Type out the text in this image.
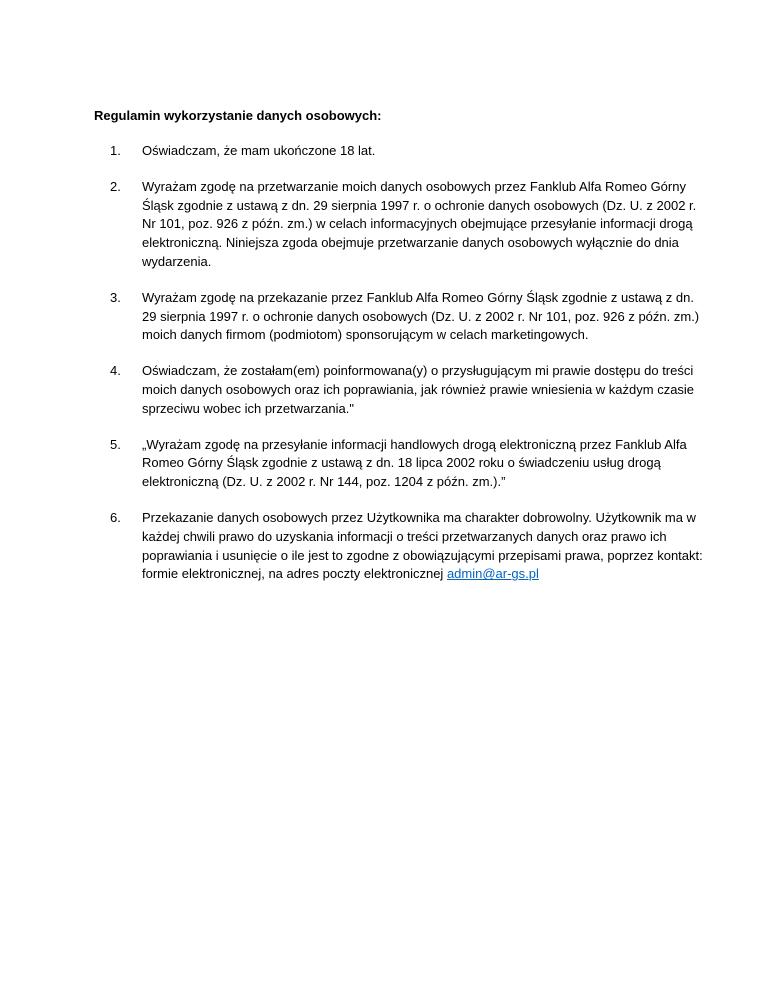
Regulamin wykorzystanie danych osobowych:
1.	Oświadczam, że mam ukończone 18 lat.
2.	Wyrażam zgodę na przetwarzanie moich danych osobowych przez Fanklub Alfa Romeo Górny Śląsk zgodnie z ustawą z dn. 29 sierpnia 1997 r. o ochronie danych osobowych (Dz. U. z 2002 r. Nr 101, poz. 926 z późn. zm.) w celach informacyjnych obejmujące przesyłanie informacji drogą elektroniczną. Niniejsza zgoda obejmuje przetwarzanie danych osobowych wyłącznie do dnia wydarzenia.
3.	Wyrażam zgodę na przekazanie przez Fanklub Alfa Romeo Górny Śląsk zgodnie z ustawą z dn. 29 sierpnia 1997 r. o ochronie danych osobowych (Dz. U. z 2002 r. Nr 101, poz. 926 z późn. zm.) moich danych firmom (podmiotom) sponsorującym w celach marketingowych.
4.	Oświadczam, że zostałam(em) poinformowana(y) o przysługującym mi prawie dostępu do treści moich danych osobowych oraz ich poprawiania, jak również prawie wniesienia w każdym czasie sprzeciwu wobec ich przetwarzania."
5.	„Wyrażam zgodę na przesyłanie informacji handlowych drogą elektroniczną przez Fanklub Alfa Romeo Górny Śląsk zgodnie z ustawą z dn. 18 lipca 2002 roku o świadczeniu usług drogą elektroniczną (Dz. U. z 2002 r. Nr 144, poz. 1204 z późn. zm.).”
6.	Przekazanie danych osobowych przez Użytkownika ma charakter dobrowolny. Użytkownik ma w każdej chwili prawo do uzyskania informacji o treści przetwarzanych danych oraz prawo ich poprawiania i usunięcie o ile jest to zgodne z obowiązującymi przepisami prawa, poprzez kontakt: formie elektronicznej, na adres poczty elektronicznej admin@ar-gs.pl
